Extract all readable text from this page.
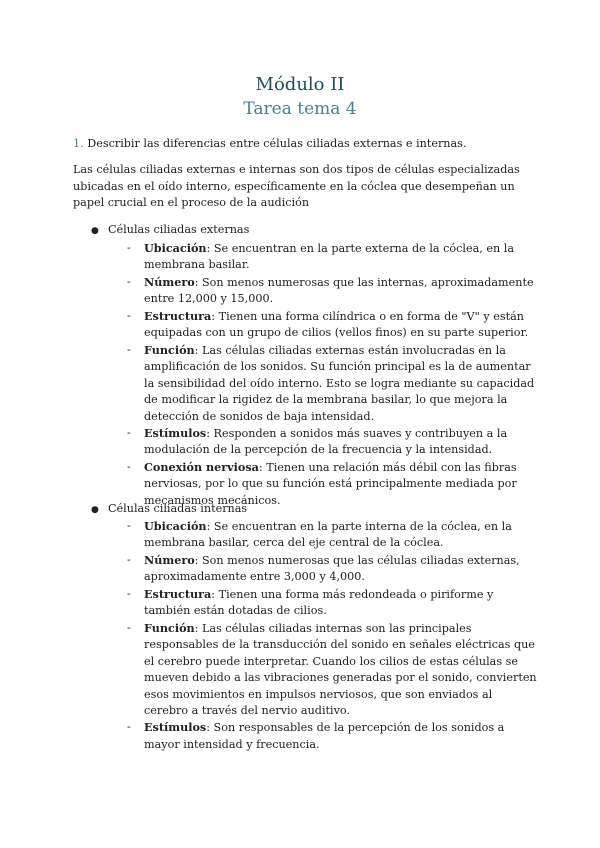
Módulo II
Tarea tema 4

1. Describir las diferencias entre células ciliadas externas e internas.

Las células ciliadas externas e internas son dos tipos de células especializadas ubicadas en el oído interno, específicamente en la cóclea que desempeñan un papel crucial en el proceso de la audición

● Células ciliadas externas

- Ubicación: Se encuentran en la parte externa de la cóclea, en la membrana basilar.
- Número: Son menos numerosas que las internas, aproximadamente entre 12,000 y 15,000.
- Estructura: Tienen una forma cilíndrica o en forma de "V" y están equipadas con un grupo de cilios (vellos finos) en su parte superior.
- Función: Las células ciliadas externas están involucradas en la amplificación de los sonidos. Su función principal es la de aumentar la sensibilidad del oído interno. Esto se logra mediante su capacidad de modificar la rigidez de la membrana basilar, lo que mejora la detección de sonidos de baja intensidad.
- Estímulos: Responden a sonidos más suaves y contribuyen a la modulación de la percepción de la frecuencia y la intensidad.
- Conexión nerviosa: Tienen una relación más débil con las fibras nerviosas, por lo que su función está principalmente mediada por mecanismos mecánicos.

● Células ciliadas internas

- Ubicación: Se encuentran en la parte interna de la cóclea, en la membrana basilar, cerca del eje central de la cóclea.
- Número: Son menos numerosas que las células ciliadas externas, aproximadamente entre 3,000 y 4,000.
- Estructura: Tienen una forma más redondeada o piriforme y también están dotadas de cilios.
- Función: Las células ciliadas internas son las principales responsables de la transducción del sonido en señales eléctricas que el cerebro puede interpretar. Cuando los cilios de estas células se mueven debido a las vibraciones generadas por el sonido, convierten esos movimientos en impulsos nerviosos, que son enviados al cerebro a través del nervio auditivo.
- Estímulos: Son responsables de la percepción de los sonidos a mayor intensidad y frecuencia.
